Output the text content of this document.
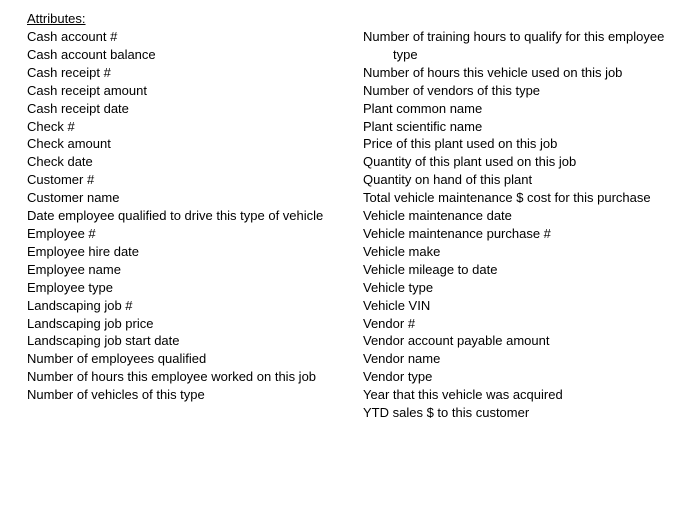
Attributes:
Cash account #
Cash account balance
Cash receipt #
Cash receipt amount
Cash receipt date
Check #
Check amount
Check date
Customer #
Customer name
Date employee qualified to drive this type of vehicle
Employee #
Employee hire date
Employee name
Employee type
Landscaping job #
Landscaping job price
Landscaping job start date
Number of employees qualified
Number of hours this employee worked on this job
Number of vehicles of this type
Number of training hours to qualify for this employee type
Number of hours this vehicle used on this job
Number of vendors of this type
Plant common name
Plant scientific name
Price of this plant used on this job
Quantity of this plant used on this job
Quantity on hand of this plant
Total vehicle maintenance $ cost for this purchase
Vehicle maintenance date
Vehicle maintenance purchase #
Vehicle make
Vehicle mileage to date
Vehicle type
Vehicle VIN
Vendor #
Vendor account payable amount
Vendor name
Vendor type
Year that this vehicle was acquired
YTD sales $ to this customer
